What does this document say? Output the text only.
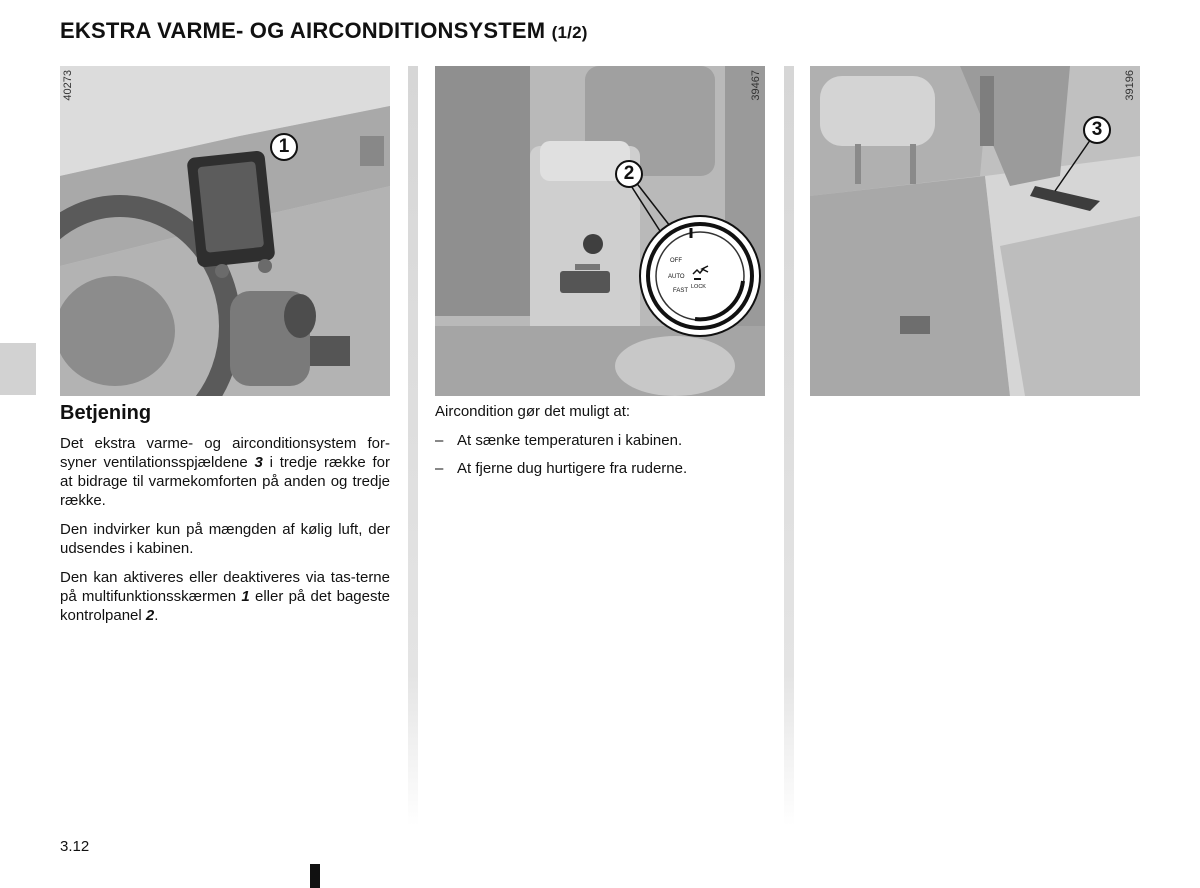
EKSTRA VARME- OG AIRCONDITIONSYSTEM (1/2)
40273
1
OFF
AUTO
FAST
LOCK
39467
2
39196
3
Betjening

Det ekstra varme- og airconditionsystem for-syner ventilationsspjældene 3 i tredje række for at bidrage til varmekomforten på anden og tredje række.

Den indvirker kun på mængden af kølig luft, der udsendes i kabinen.

Den kan aktiveres eller deaktiveres via tas-terne på multifunktionsskærmen 1 eller på det bageste kontrolpanel 2.

Aircondition gør det muligt at:

– At sænke temperaturen i kabinen.
– At fjerne dug hurtigere fra ruderne.
3.12
